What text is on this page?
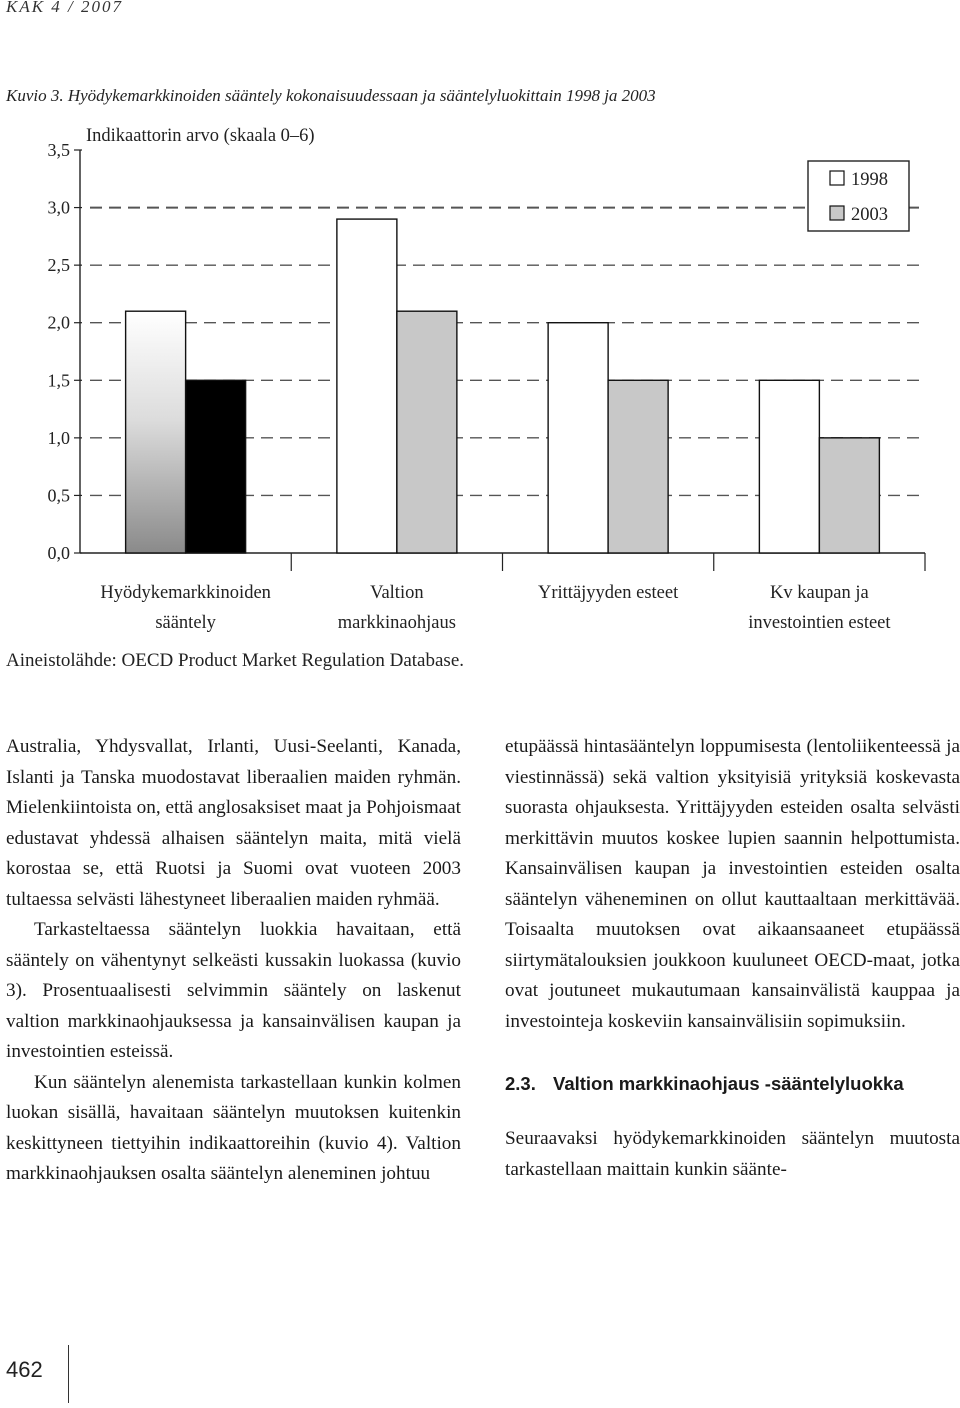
KAK 4 / 2007
Kuvio 3. Hyödykemarkkinoiden sääntely kokonaisuudessaan ja sääntelyluokittain 1998 ja 2003
Indikaattorin arvo (skaala 0–6)
0,0
0,5
1,0
1,5
2,0
2,5
3,0
3,5
Hyödykemarkkinoiden
sääntely
Valtion
markkinaohjaus
Yrittäjyyden esteet	Kv kaupan ja
investointien esteet
1998
2003
Aineistolähde: OECD Product Market Regulation Database.

Australia, Yhdysvallat, Irlanti, Uusi-Seelanti, Kanada, Islanti ja Tanska muodostavat liberaalien maiden ryhmän. Mielenkiintoista on, että anglosaksiset maat ja Pohjoismaat edustavat yhdessä alhaisen sääntelyn maita, mitä vielä korostaa se, että Ruotsi ja Suomi ovat vuoteen 2003 tultaessa selvästi lähestyneet liberaalien maiden ryhmää.

Tarkasteltaessa sääntelyn luokkia havaitaan, että sääntely on vähentynyt selkeästi kussakin luokassa (kuvio 3). Prosentuaalisesti selvimmin sääntely on laskenut valtion markkinaohjauksessa ja kansainvälisen kaupan ja investointien esteissä.

Kun sääntelyn alenemista tarkastellaan kunkin kolmen luokan sisällä, havaitaan sääntelyn muutoksen kuitenkin keskittyneen tiettyihin indikaattoreihin (kuvio 4). Valtion markkinaohjauksen osalta sääntelyn aleneminen johtuu

etupäässä hintasääntelyn loppumisesta (lentoliikenteessä ja viestinnässä) sekä valtion yksityisiä yrityksiä koskevasta suorasta ohjauksesta. Yrittäjyyden esteiden osalta selvästi merkittävin muutos koskee lupien saannin helpottumista. Kansainvälisen kaupan ja investointien esteiden osalta sääntelyn väheneminen on ollut kauttaaltaan merkittävää. Toisaalta muutoksen ovat aikaansaaneet etupäässä siirtymätalouksien joukkoon kuuluneet OECD-maat, jotka ovat joutuneet mukautumaan kansainvälistä kauppaa ja investointeja koskeviin kansainvälisiin sopimuksiin.

2.3. Valtion markkinaohjaus -sääntelyluokka

Seuraavaksi hyödykemarkkinoiden sääntelyn muutosta tarkastellaan maittain kunkin säänte-

462
